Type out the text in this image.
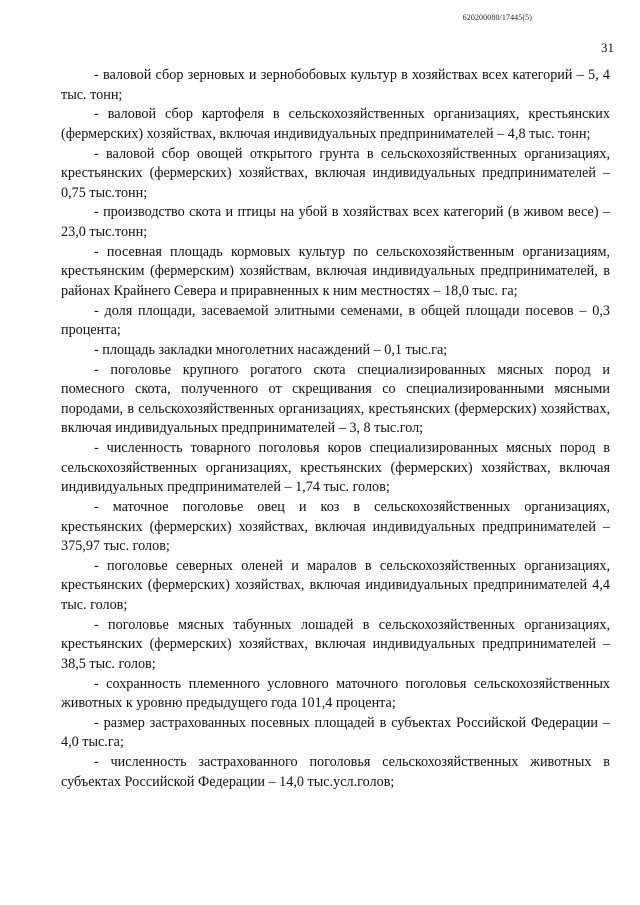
620200080/17445(5)
31

- валовой сбор зерновых и зернобобовых культур в хозяйствах всех категорий – 5, 4 тыс. тонн;

- валовой сбор картофеля в сельскохозяйственных организациях, крестьянских (фермерских) хозяйствах, включая индивидуальных предпринимателей – 4,8 тыс. тонн;

- валовой сбор овощей открытого грунта в сельскохозяйственных организациях, крестьянских (фермерских) хозяйствах, включая индивидуальных предпринимателей – 0,75 тыс.тонн;

- производство скота и птицы на убой в хозяйствах всех категорий (в живом весе) – 23,0 тыс.тонн;

- посевная площадь кормовых культур по сельскохозяйственным организациям, крестьянским (фермерским) хозяйствам, включая индивидуальных предпринимателей, в районах Крайнего Севера и приравненных к ним местностях – 18,0 тыс. га;

- доля площади, засеваемой элитными семенами, в общей площади посевов – 0,3 процента;

- площадь закладки многолетних насаждений – 0,1 тыс.га;

- поголовье крупного рогатого скота специализированных мясных пород и помесного скота, полученного от скрещивания со специализированными мясными породами, в сельскохозяйственных организациях, крестьянских (фермерских) хозяйствах, включая индивидуальных предпринимателей – 3, 8 тыс.гол;

- численность товарного поголовья коров специализированных мясных пород в сельскохозяйственных организациях, крестьянских (фермерских) хозяйствах, включая индивидуальных предпринимателей – 1,74 тыс. голов;

- маточное поголовье овец и коз в сельскохозяйственных организациях, крестьянских (фермерских) хозяйствах, включая индивидуальных предпринимателей – 375,97 тыс. голов;

- поголовье северных оленей и маралов в сельскохозяйственных организациях, крестьянских (фермерских) хозяйствах, включая индивидуальных предпринимателей 4,4 тыс. голов;

- поголовье мясных табунных лошадей в сельскохозяйственных организациях, крестьянских (фермерских) хозяйствах, включая индивидуальных предпринимателей – 38,5 тыс. голов;

- сохранность племенного условного маточного поголовья сельскохозяйственных животных к уровню предыдущего года 101,4 процента;

- размер застрахованных посевных площадей в субъектах Российской Федерации – 4,0 тыс.га;

- численность застрахованного поголовья сельскохозяйственных животных в субъектах Российской Федерации – 14,0 тыс.усл.голов;
